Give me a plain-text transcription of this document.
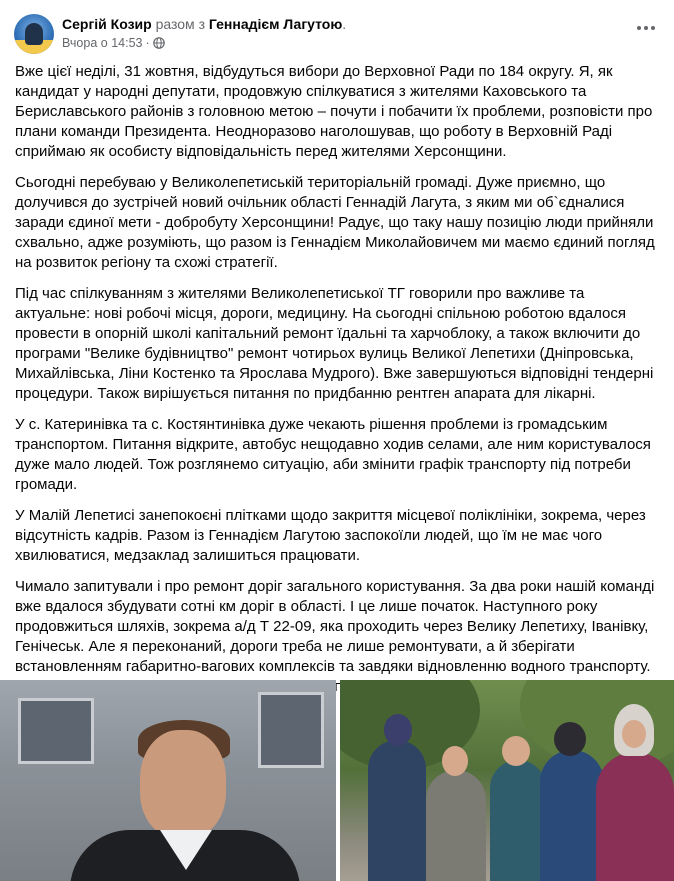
Сергій Козир разом з Геннадієм Лагутою.
Вчора о 14:53 ·

Вже цієї неділі, 31 жовтня, відбудуться вибори до Верховної Ради по 184 округу. Я, як кандидат у народні депутати, продовжую спілкуватися з жителями Каховського та Бериславського районів з головною метою – почути і побачити їх проблеми, розповісти про плани команди Президента. Неодноразово наголошував, що роботу в Верховній Раді сприймаю як особисту відповідальність перед жителями Херсонщини.

Сьогодні перебуваю у Великолепетиській територіальній громаді. Дуже приємно, що долучився до зустрічей новий очільник області Геннадій Лагута, з яким ми об`єдналися заради єдиної мети - добробуту Херсонщини! Радує, що таку нашу позицію люди прийняли схвально, адже розуміють, що разом із Геннадієм Миколайовичем ми маємо єдиний погляд на розвиток регіону та схожі стратегії.

Під час спілкуванням з жителями Великолепетиської ТГ говорили про важливе та актуальне: нові робочі місця, дороги, медицину. На сьогодні спільною роботою вдалося провести в опорній школі капітальний ремонт їдальні та харчоблоку, а також включити до програми "Велике будівництво" ремонт чотирьох вулиць Великої Лепетихи (Дніпровська, Михайлівська, Ліни Костенко та Ярослава Мудрого). Вже завершуються відповідні тендерні процедури. Також вирішується питання по придбанню рентген апарата для лікарні.

У с. Катеринівка та с. Костянтинівка дуже чекають рішення проблеми із громадським транспортом. Питання відкрите, автобус нещодавно ходив селами, але ним користувалося дуже мало людей. Тож розглянемо ситуацію, аби змінити графік транспорту під потреби громади.

У Малій Лепетисі занепокоєні плітками щодо закриття місцевої поліклініки, зокрема, через відсутність кадрів. Разом із Геннадієм Лагутою заспокоїли людей, що їм не має чого хвилюватися, медзаклад залишиться працювати.

Чимало запитували і про ремонт доріг загального користування. За два роки нашій команді вже вдалося збудувати сотні км доріг в області. І це лише початок. Наступного року продовжиться шляхів, зокрема а/д Т 22-09, яка проходить через Велику Лепетиху, Іванівку, Генічеськ. Але я переконаний, дороги треба не лише ремонтувати, а й зберігати встановленням габаритно-вагових комплексів та завдяки відновленню водного транспорту.
